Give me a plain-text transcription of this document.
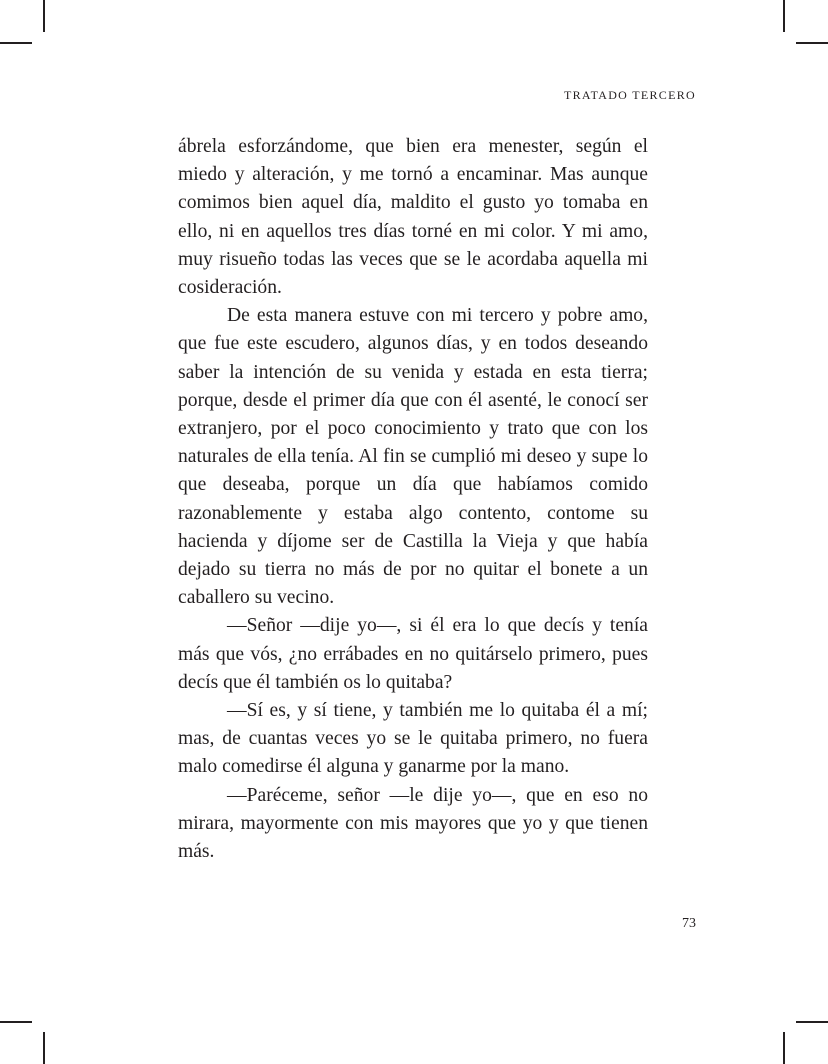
TRATADO TERCERO

ábrela esforzándome, que bien era menester, según el miedo y alteración, y me tornó a encaminar. Mas aunque comimos bien aquel día, maldito el gusto yo tomaba en ello, ni en aquellos tres días torné en mi color. Y mi amo, muy risueño todas las veces que se le acordaba aquella mi cosideración.

De esta manera estuve con mi tercero y pobre amo, que fue este escudero, algunos días, y en todos deseando saber la intención de su venida y estada en esta tierra; porque, desde el primer día que con él asenté, le conocí ser extranjero, por el poco conocimiento y trato que con los naturales de ella tenía. Al fin se cumplió mi deseo y supe lo que deseaba, porque un día que habíamos comido razonablemente y estaba algo contento, contome su hacienda y díjome ser de Castilla la Vieja y que había dejado su tierra no más de por no quitar el bonete a un caballero su vecino.

—Señor —dije yo—, si él era lo que decís y tenía más que vós, ¿no errábades en no quitárselo primero, pues decís que él también os lo quitaba?

—Sí es, y sí tiene, y también me lo quitaba él a mí; mas, de cuantas veces yo se le quitaba primero, no fuera malo comedirse él alguna y ganarme por la mano.

—Paréceme, señor —le dije yo—, que en eso no mirara, mayormente con mis mayores que yo y que tienen más.

73
